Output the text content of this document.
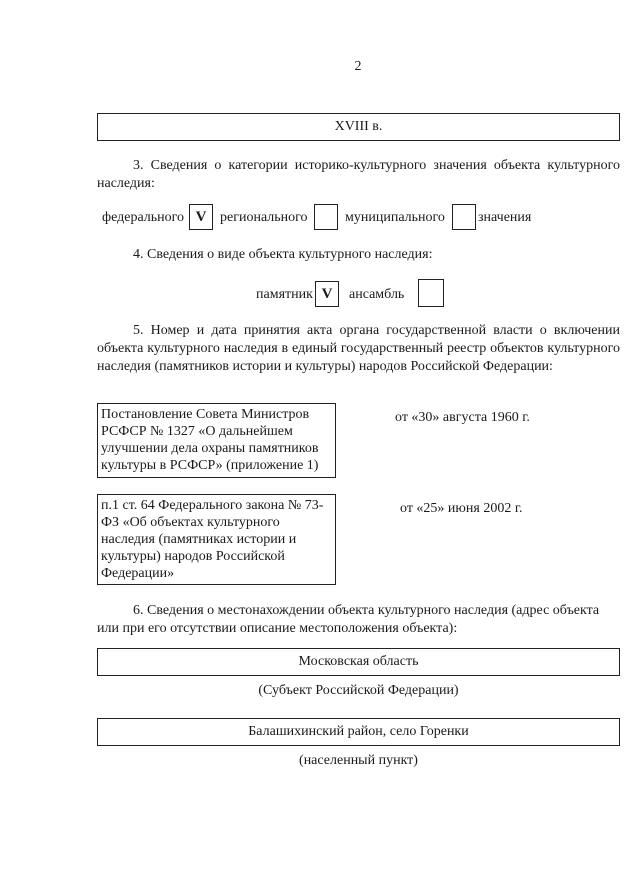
2
XVIII в.
3. Сведения о категории историко-культурного значения объекта культурного наследия:
федерального V регионального	муниципального значения
4. Сведения о виде объекта культурного наследия:
памятник V	ансамбль
5. Номер и дата принятия акта органа государственной власти о включении объекта культурного наследия в единый государственный реестр объектов культурного наследия (памятников истории и культуры) народов Российской Федерации:
Постановление Совета Министров РСФСР № 1327 «О дальнейшем улучшении дела охраны памятников культуры в РСФСР» (приложение 1)
от «30» августа 1960 г.
п.1 ст. 64 Федерального закона № 73-ФЗ «Об объектах культурного наследия (памятниках истории и культуры) народов Российской Федерации»
от «25» июня 2002 г.
6. Сведения о местонахождении объекта культурного наследия (адрес объекта или при его отсутствии описание местоположения объекта):
Московская область
(Субъект Российской Федерации)
Балашихинский район, село Горенки
(населенный пункт)
